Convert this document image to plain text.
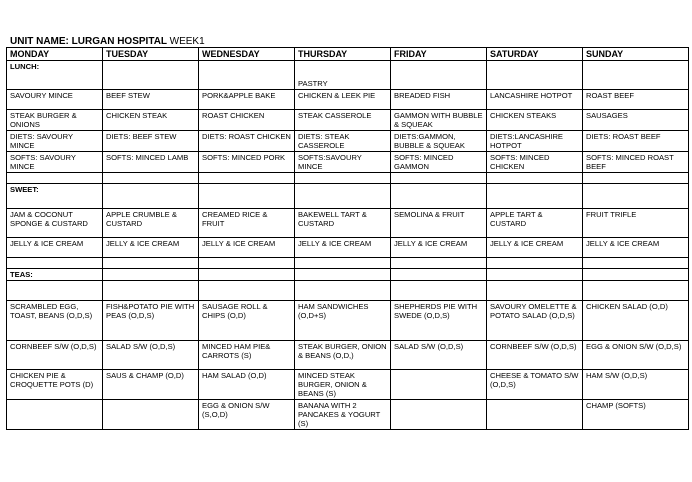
UNIT NAME: LURGAN HOSPITAL WEEK1
MONDAY	TUESDAY	WEDNESDAY	THURSDAY	FRIDAY	SATURDAY	SUNDAY
LUNCH:			PASTRY			
SAVOURY MINCE	BEEF STEW	PORK&APPLE BAKE	CHICKEN & LEEK PIE	BREADED FISH	LANCASHIRE HOTPOT	ROAST BEEF
STEAK BURGER & ONIONS	CHICKEN STEAK	ROAST CHICKEN	STEAK CASSEROLE	GAMMON WITH BUBBLE & SQUEAK	CHICKEN STEAKS	SAUSAGES
DIETS: SAVOURY MINCE	DIETS: BEEF STEW	DIETS: ROAST CHICKEN	DIETS: STEAK CASSEROLE	DIETS:GAMMON, BUBBLE & SQUEAK	DIETS:LANCASHIRE HOTPOT	DIETS: ROAST BEEF
SOFTS: SAVOURY MINCE	SOFTS: MINCED LAMB	SOFTS: MINCED PORK	SOFTS:SAVOURY MINCE	SOFTS: MINCED GAMMON	SOFTS: MINCED CHICKEN	SOFTS: MINCED ROAST BEEF

SWEET:						
JAM & COCONUT SPONGE & CUSTARD	APPLE CRUMBLE & CUSTARD	CREAMED RICE & FRUIT	BAKEWELL TART & CUSTARD	SEMOLINA & FRUIT	APPLE TART & CUSTARD	FRUIT TRIFLE
JELLY & ICE CREAM	JELLY & ICE CREAM	JELLY & ICE CREAM	JELLY & ICE CREAM	JELLY & ICE CREAM	JELLY & ICE CREAM	JELLY & ICE CREAM

TEAS:						

SCRAMBLED EGG, TOAST, BEANS (O,D,S)	FISH&POTATO PIE WITH PEAS (O,D,S)	SAUSAGE ROLL & CHIPS (O,D)	HAM SANDWICHES (O,D+S)	SHEPHERDS PIE WITH SWEDE (O,D,S)	SAVOURY OMELETTE & POTATO SALAD (O,D,S)	CHICKEN SALAD (O,D)
CORNBEEF S/W (O,D,S)	SALAD S/W (O,D,S)	MINCED HAM PIE& CARROTS (S)	STEAK BURGER, ONION & BEANS (O,D,)	SALAD S/W (O,D,S)	CORNBEEF S/W (O,D,S)	EGG & ONION S/W (O,D,S)
CHICKEN PIE & CROQUETTE POTS (D)	SAUS & CHAMP (O,D)	HAM SALAD (O,D)	MINCED STEAK BURGER, ONION & BEANS (S)		CHEESE & TOMATO S/W (O,D,S)	HAM S/W (O,D,S)
		EGG & ONION S/W (S,O,D)	BANANA WITH 2 PANCAKES & YOGURT (S)			CHAMP (SOFTS)
